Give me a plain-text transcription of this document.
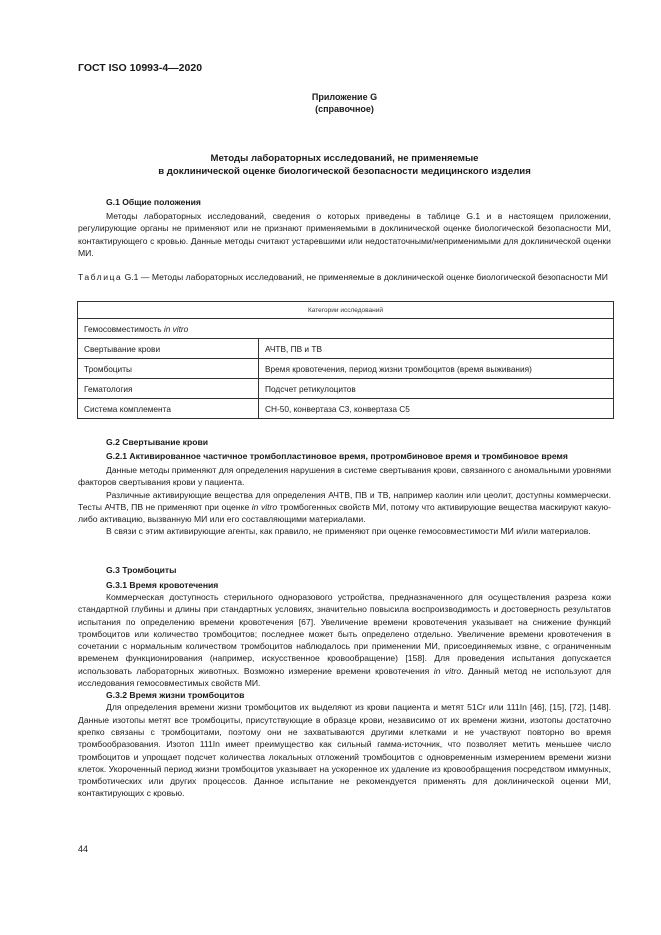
ГОСТ ISO 10993-4—2020
Приложение G
(справочное)
Методы лабораторных исследований, не применяемые
в доклинической оценке биологической безопасности медицинского изделия

G.1 Общие положения

Методы лабораторных исследований, сведения о которых приведены в таблице G.1 и в настоящем приложении, регулирующие органы не применяют или не признают применяемыми в доклинической оценке биологической безопасности МИ, контактирующего с кровью. Данные методы считают устаревшими или недостаточными/неприменимыми для доклинической оценки МИ.

Таблица G.1 — Методы лабораторных исследований, не применяемые в доклинической оценке биологической безопасности МИ

Категории исследований	
Гемосовместимость in vitro	
Свертывание крови	АЧТВ, ПВ и ТВ
Тромбоциты	Время кровотечения, период жизни тромбоцитов (время выживания)
Гематология	Подсчет ретикулоцитов
Система комплемента	CH-50, конвертаза C3, конвертаза C5

G.2 Свертывание крови

G.2.1 Активированное частичное тромбопластиновое время, протромбиновое время и тромбиновое время

Данные методы применяют для определения нарушения в системе свертывания крови, связанного с аномальными уровнями факторов свертывания крови у пациента.

Различные активирующие вещества для определения АЧТВ, ПВ и ТВ, например каолин или цеолит, доступны коммерчески. Тесты АЧТВ, ПВ не применяют при оценке in vitro тромбогенных свойств МИ, потому что активирующие вещества маскируют какую-либо активацию, вызванную МИ или его составляющими материалами.

В связи с этим активирующие агенты, как правило, не применяют при оценке гемосовместимости МИ и/или материалов.

G.3 Тромбоциты

G.3.1 Время кровотечения

Коммерческая доступность стерильного одноразового устройства, предназначенного для осуществления разреза кожи стандартной глубины и длины при стандартных условиях, значительно повысила воспроизводимость и достоверность результатов испытания по определению времени кровотечения [67]. Увеличение времени кровотечения указывает на снижение функций тромбоцитов или количество тромбоцитов; последнее может быть определено отдельно. Увеличение времени кровотечения в сочетании с нормальным количеством тромбоцитов наблюдалось при применении МИ, присоединяемых извне, с ограниченным временем функционирования (например, искусственное кровообращение) [158]. Для проведения испытания допускается использовать лабораторных животных. Возможно измерение времени кровотечения in vitro. Данный метод не используют для исследования гемосовместимых свойств МИ.

G.3.2 Время жизни тромбоцитов

Для определения времени жизни тромбоцитов их выделяют из крови пациента и метят 51Cr или 111In [46], [15], [72], [148]. Данные изотопы метят все тромбоциты, присутствующие в образце крови, независимо от их времени жизни, изотопы достаточно крепко связаны с тромбоцитами, поэтому они не захватываются другими клетками и не участвуют повторно во время тромбообразования. Изотоп 111In имеет преимущество как сильный гамма-источник, что позволяет метить меньшее число тромбоцитов и упрощает подсчет количества локальных отложений тромбоцитов с одновременным измерением времени жизни клеток. Укороченный период жизни тромбоцитов указывает на ускоренное их удаление из кровообращения посредством иммунных, тромботических или других процессов. Данное испытание не рекомендуется применять для доклинической оценки МИ, контактирующих с кровью.

44
